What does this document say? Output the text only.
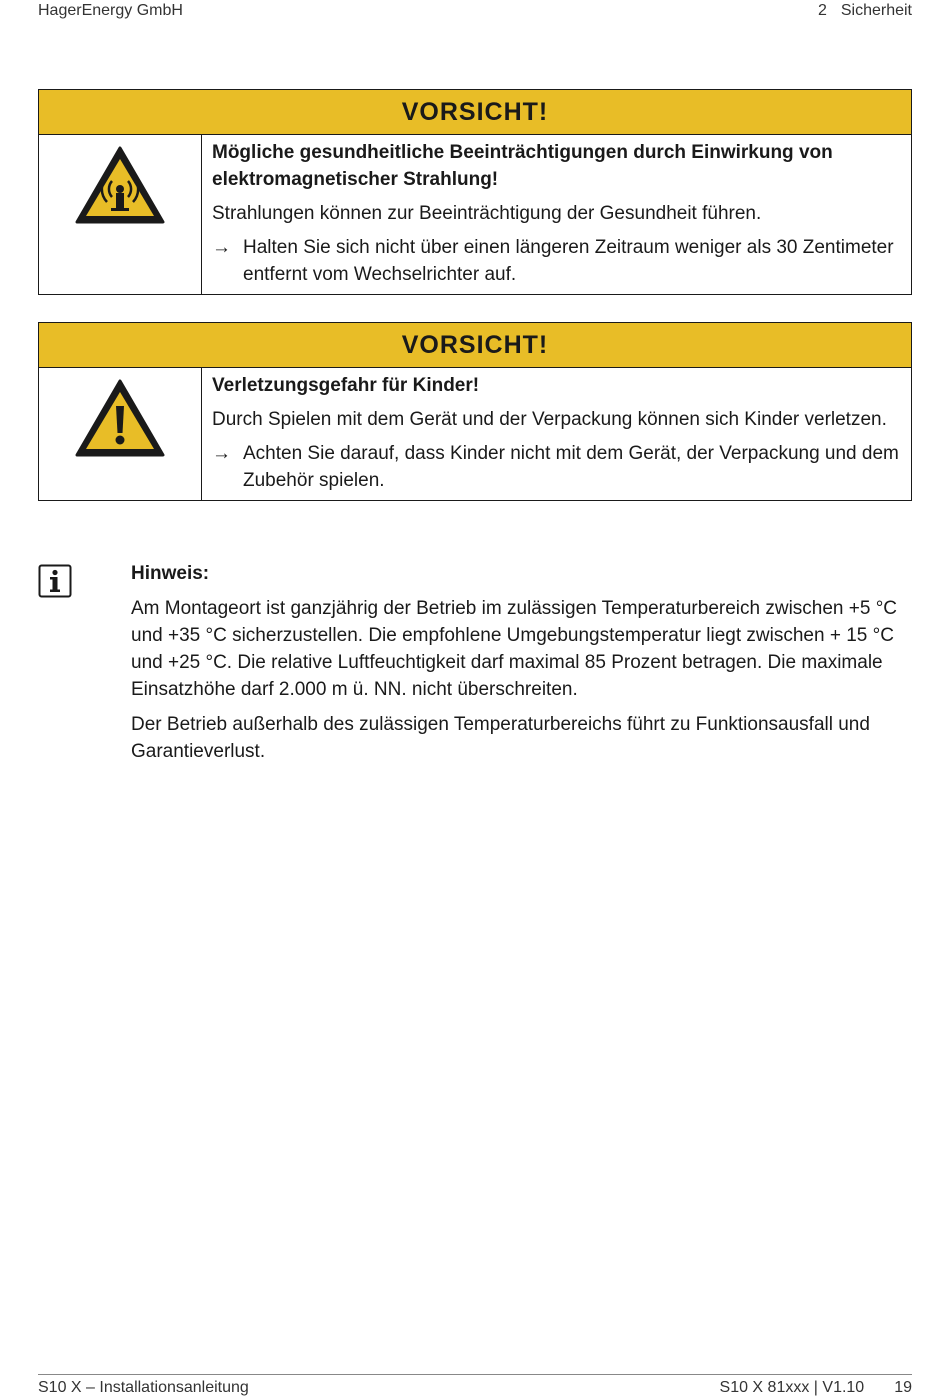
HagerEnergy GmbH	2 Sicherheit
VORSICHT!

Mögliche gesundheitliche Beeinträchtigungen durch Einwirkung von elektromagnetischer Strahlung!

Strahlungen können zur Beeinträchtigung der Gesundheit führen.

→ Halten Sie sich nicht über einen längeren Zeitraum weniger als 30 Zentimeter entfernt vom Wechselrichter auf.
VORSICHT!

Verletzungsgefahr für Kinder!

Durch Spielen mit dem Gerät und der Verpackung können sich Kinder verletzen.

→ Achten Sie darauf, dass Kinder nicht mit dem Gerät, der Verpackung und dem Zubehör spielen.

Hinweis:

Am Montageort ist ganzjährig der Betrieb im zulässigen Temperaturbereich zwischen +5 °C und +35 °C sicherzustellen. Die empfohlene Umgebungstemperatur liegt zwischen + 15 °C und +25 °C. Die relative Luftfeuchtigkeit darf maximal 85 Prozent betragen. Die maximale Einsatzhöhe darf 2.000 m ü. NN. nicht überschreiten.

Der Betrieb außerhalb des zulässigen Temperaturbereichs führt zu Funktionsausfall und Garantieverlust.

S10 X – Installationsanleitung	S10 X 81xxx | V1.10 19
